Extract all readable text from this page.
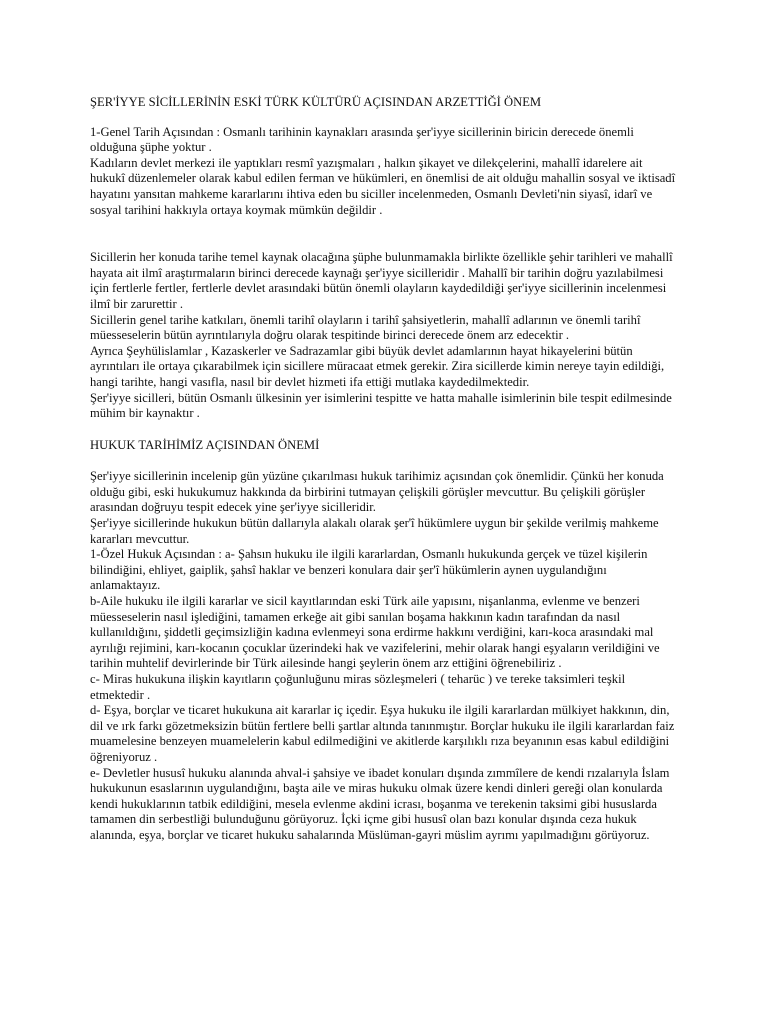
ŞER'İYYE SİCİLLERİNİN ESKİ TÜRK KÜLTÜRÜ AÇISINDAN ARZETTİĞİ ÖNEM

1-Genel Tarih Açısından : Osmanlı tarihinin kaynakları arasında şer'iyye sicillerinin biricin derecede önemli olduğuna şüphe yoktur .
Kadıların devlet merkezi ile yaptıkları resmî yazışmaları , halkın şikayet ve dilekçelerini, mahallî idarelere ait hukukî düzenlemeler olarak kabul edilen ferman ve hükümleri, en önemlisi de ait olduğu mahallin sosyal ve iktisadî hayatını yansıtan mahkeme kararlarını ihtiva eden bu siciller incelenmeden, Osmanlı Devleti'nin siyasî, idarî ve sosyal tarihini hakkıyla ortaya koymak mümkün değildir .

Sicillerin her konuda tarihe temel kaynak olacağına şüphe bulunmamakla birlikte özellikle şehir tarihleri ve mahallî hayata ait ilmî araştırmaların birinci derecede kaynağı şer'iyye sicilleridir . Mahallî bir tarihin doğru yazılabilmesi için fertlerle fertler, fertlerle devlet arasındaki bütün önemli olayların kaydedildiği şer'iyye sicillerinin incelenmesi ilmî bir zarurettir .
Sicillerin genel tarihe katkıları, önemli tarihî olayların i tarihî şahsiyetlerin, mahallî adlarının ve önemli tarihî müesseselerin bütün ayrıntılarıyla doğru olarak tespitinde birinci derecede önem arz edecektir .
Ayrıca Şeyhülislamlar , Kazaskerler ve Sadrazamlar gibi büyük devlet adamlarının hayat hikayelerini bütün ayrıntıları ile ortaya çıkarabilmek için sicillere müracaat etmek gerekir. Zira sicillerde kimin nereye tayin edildiği, hangi tarihte, hangi vasıfla, nasıl bir devlet hizmeti ifa ettiği mutlaka kaydedilmektedir.
Şer'iyye sicilleri, bütün Osmanlı ülkesinin yer isimlerini tespitte ve hatta mahalle isimlerinin bile tespit edilmesinde mühim bir kaynaktır .

HUKUK TARİHİMİZ AÇISINDAN ÖNEMİ

Şer'iyye sicillerinin incelenip gün yüzüne çıkarılması hukuk tarihimiz açısından çok önemlidir. Çünkü her konuda olduğu gibi, eski hukukumuz hakkında da birbirini tutmayan çelişkili görüşler mevcuttur. Bu çelişkili görüşler arasından doğruyu tespit edecek yine şer'iyye sicilleridir.
Şer'iyye sicillerinde hukukun bütün dallarıyla alakalı olarak şer'î hükümlere uygun bir şekilde verilmiş mahkeme kararları mevcuttur.
1-Özel Hukuk Açısından : a- Şahsın hukuku ile ilgili kararlardan, Osmanlı hukukunda gerçek ve tüzel kişilerin bilindiğini, ehliyet, gaiplik, şahsî haklar ve benzeri konulara dair şer'î hükümlerin aynen uygulandığını anlamaktayız.
b-Aile hukuku ile ilgili kararlar ve sicil kayıtlarından eski Türk aile yapısını, nişanlanma, evlenme ve benzeri müesseselerin nasıl işlediğini, tamamen erkeğe ait gibi sanılan boşama hakkının kadın tarafından da nasıl kullanıldığını, şiddetli geçimsizliğin kadına evlenmeyi sona erdirme hakkını verdiğini, karı-koca arasındaki mal ayrılığı rejimini, karı-kocanın çocuklar üzerindeki hak ve vazifelerini, mehir olarak hangi eşyaların verildiğini ve tarihin muhtelif devirlerinde bir Türk ailesinde hangi şeylerin önem arz ettiğini öğrenebiliriz .
c- Miras hukukuna ilişkin kayıtların çoğunluğunu miras sözleşmeleri ( teharüc ) ve tereke taksimleri teşkil etmektedir .
d- Eşya, borçlar ve ticaret hukukuna ait kararlar iç içedir. Eşya hukuku ile ilgili kararlardan mülkiyet hakkının, din, dil ve ırk farkı gözetmeksizin bütün fertlere belli şartlar altında tanınmıştır. Borçlar hukuku ile ilgili kararlardan faiz muamelesine benzeyen muamelelerin kabul edilmediğini ve akitlerde karşılıklı rıza beyanının esas kabul edildiğini öğreniyoruz .
e- Devletler hususî hukuku alanında ahval-i şahsiye ve ibadet konuları dışında zımmîlere de kendi rızalarıyla İslam hukukunun esaslarının uygulandığını, başta aile ve miras hukuku olmak üzere kendi dinleri gereği olan konularda kendi hukuklarının tatbik edildiğini, mesela evlenme akdini icrası, boşanma ve terekenin taksimi gibi hususlarda tamamen din serbestliği bulunduğunu görüyoruz. İçki içme gibi hususî olan bazı konular dışında ceza hukuk alanında, eşya, borçlar ve ticaret hukuku sahalarında Müslüman-gayri müslim ayrımı yapılmadığını görüyoruz.
